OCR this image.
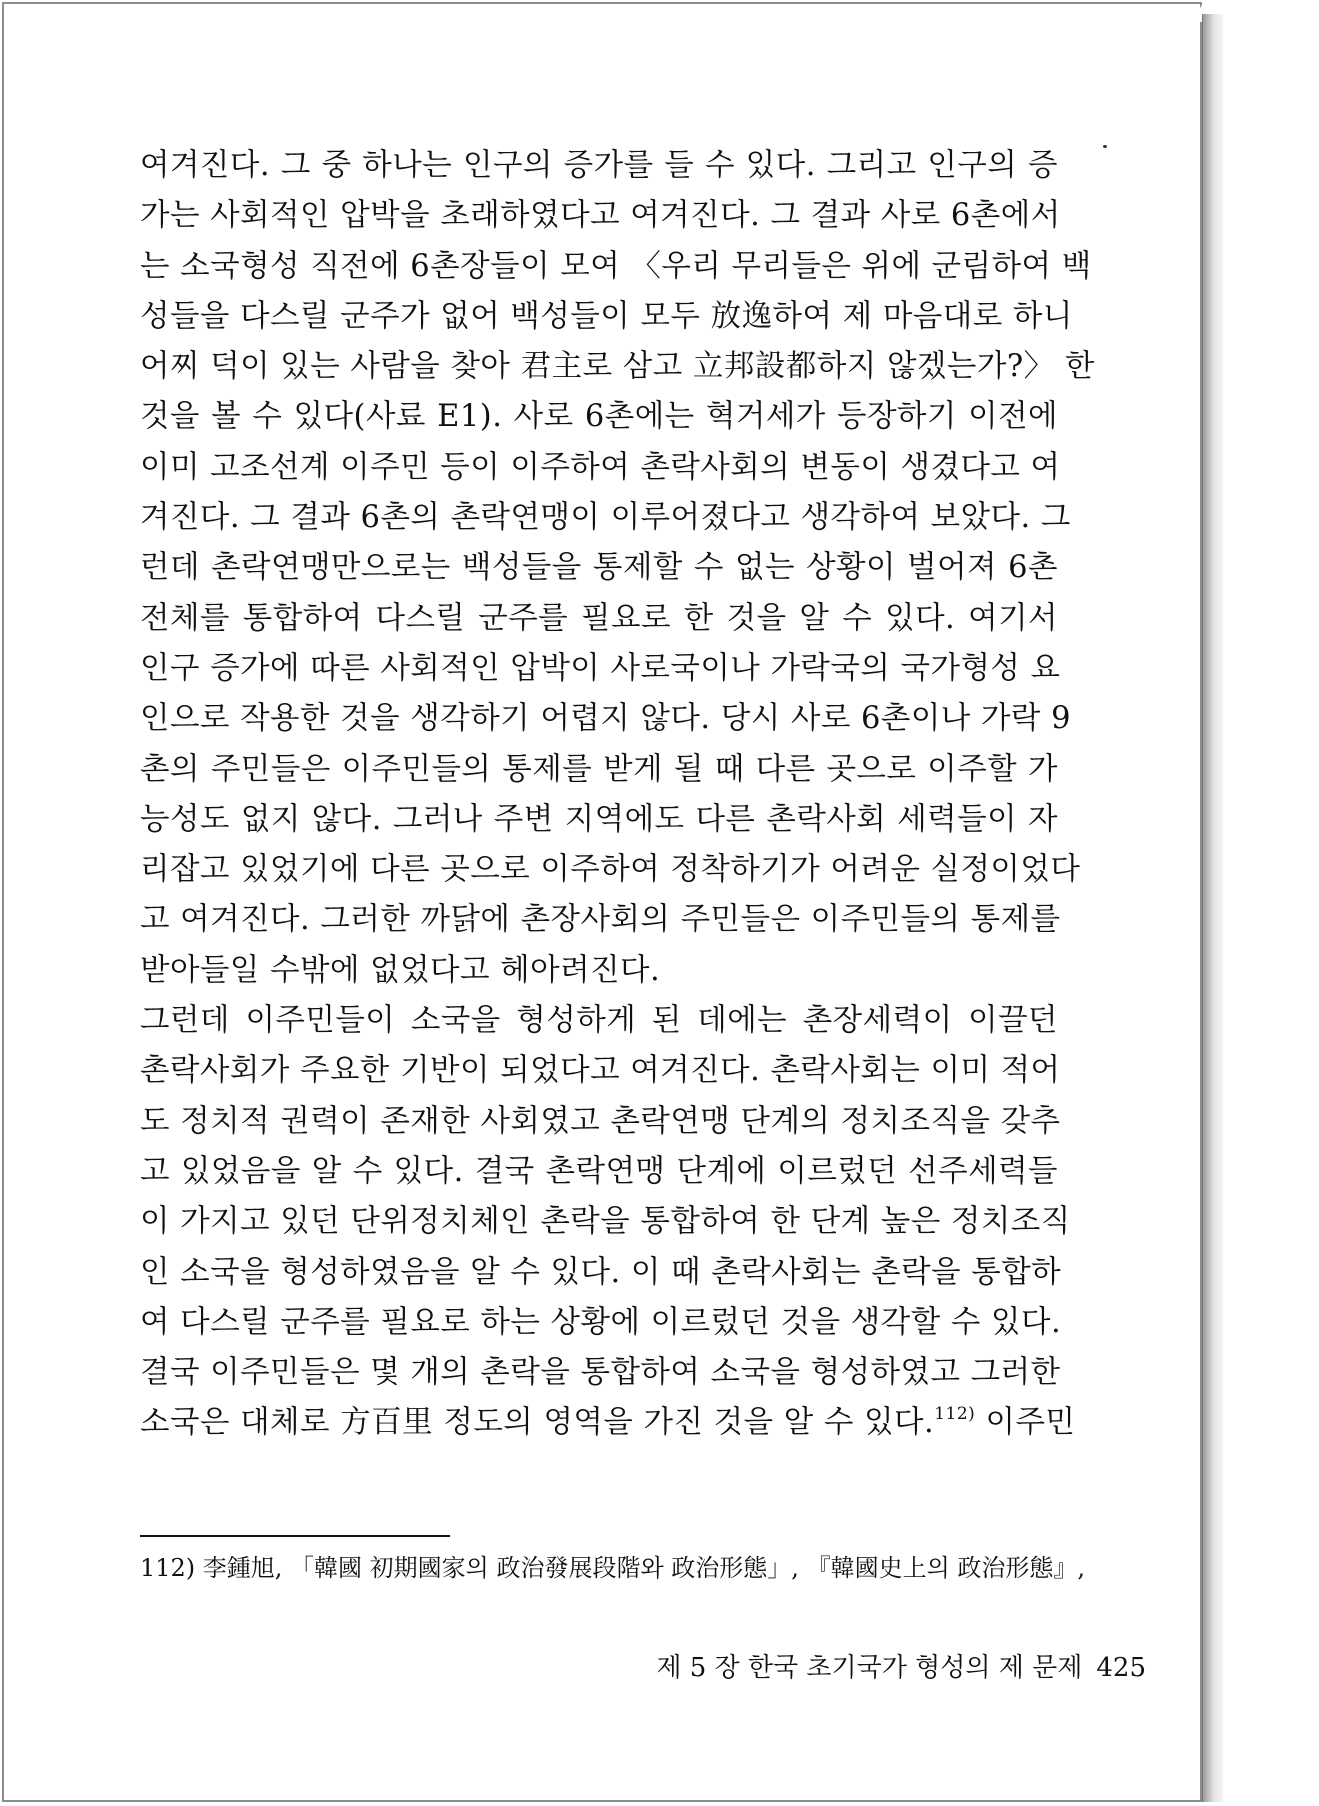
여겨진다. 그 중 하나는 인구의 증가를 들 수 있다. 그리고 인구의 증
가는 사회적인 압박을 초래하였다고 여겨진다. 그 결과 사로 6촌에서
는 소국형성 직전에 6촌장들이 모여 〈우리 무리들은 위에 군림하여 백
성들을 다스릴 군주가 없어 백성들이 모두 放逸하여 제 마음대로 하니
어찌 덕이 있는 사람을 찾아 君主로 삼고 立邦設都하지 않겠는가?〉 한
것을 볼 수 있다(사료 E1). 사로 6촌에는 혁거세가 등장하기 이전에
이미 고조선계 이주민 등이 이주하여 촌락사회의 변동이 생겼다고 여
겨진다. 그 결과 6촌의 촌락연맹이 이루어졌다고 생각하여 보았다. 그
런데 촌락연맹만으로는 백성들을 통제할 수 없는 상황이 벌어져 6촌
전체를 통합하여 다스릴 군주를 필요로 한 것을 알 수 있다. 여기서
인구 증가에 따른 사회적인 압박이 사로국이나 가락국의 국가형성 요
인으로 작용한 것을 생각하기 어렵지 않다. 당시 사로 6촌이나 가락 9
촌의 주민들은 이주민들의 통제를 받게 될 때 다른 곳으로 이주할 가
능성도 없지 않다. 그러나 주변 지역에도 다른 촌락사회 세력들이 자
리잡고 있었기에 다른 곳으로 이주하여 정착하기가 어려운 실정이었다
고 여겨진다. 그러한 까닭에 촌장사회의 주민들은 이주민들의 통제를
받아들일 수밖에 없었다고 헤아려진다.
그런데 이주민들이 소국을 형성하게 된 데에는 촌장세력이 이끌던
촌락사회가 주요한 기반이 되었다고 여겨진다. 촌락사회는 이미 적어
도 정치적 권력이 존재한 사회였고 촌락연맹 단계의 정치조직을 갖추
고 있었음을 알 수 있다. 결국 촌락연맹 단계에 이르렀던 선주세력들
이 가지고 있던 단위정치체인 촌락을 통합하여 한 단계 높은 정치조직
인 소국을 형성하였음을 알 수 있다. 이 때 촌락사회는 촌락을 통합하
여 다스릴 군주를 필요로 하는 상황에 이르렀던 것을 생각할 수 있다.
결국 이주민들은 몇 개의 촌락을 통합하여 소국을 형성하였고 그러한
소국은 대체로 方百里 정도의 영역을 가진 것을 알 수 있다.$^{112)}$ 이주민
112) 李鍾旭, 「韓國 初期國家의 政治發展段階와 政治形態」, 『韓國史上의 政治形態』,
제 5 장 한국 초기국가 형성의 제 문제 425
